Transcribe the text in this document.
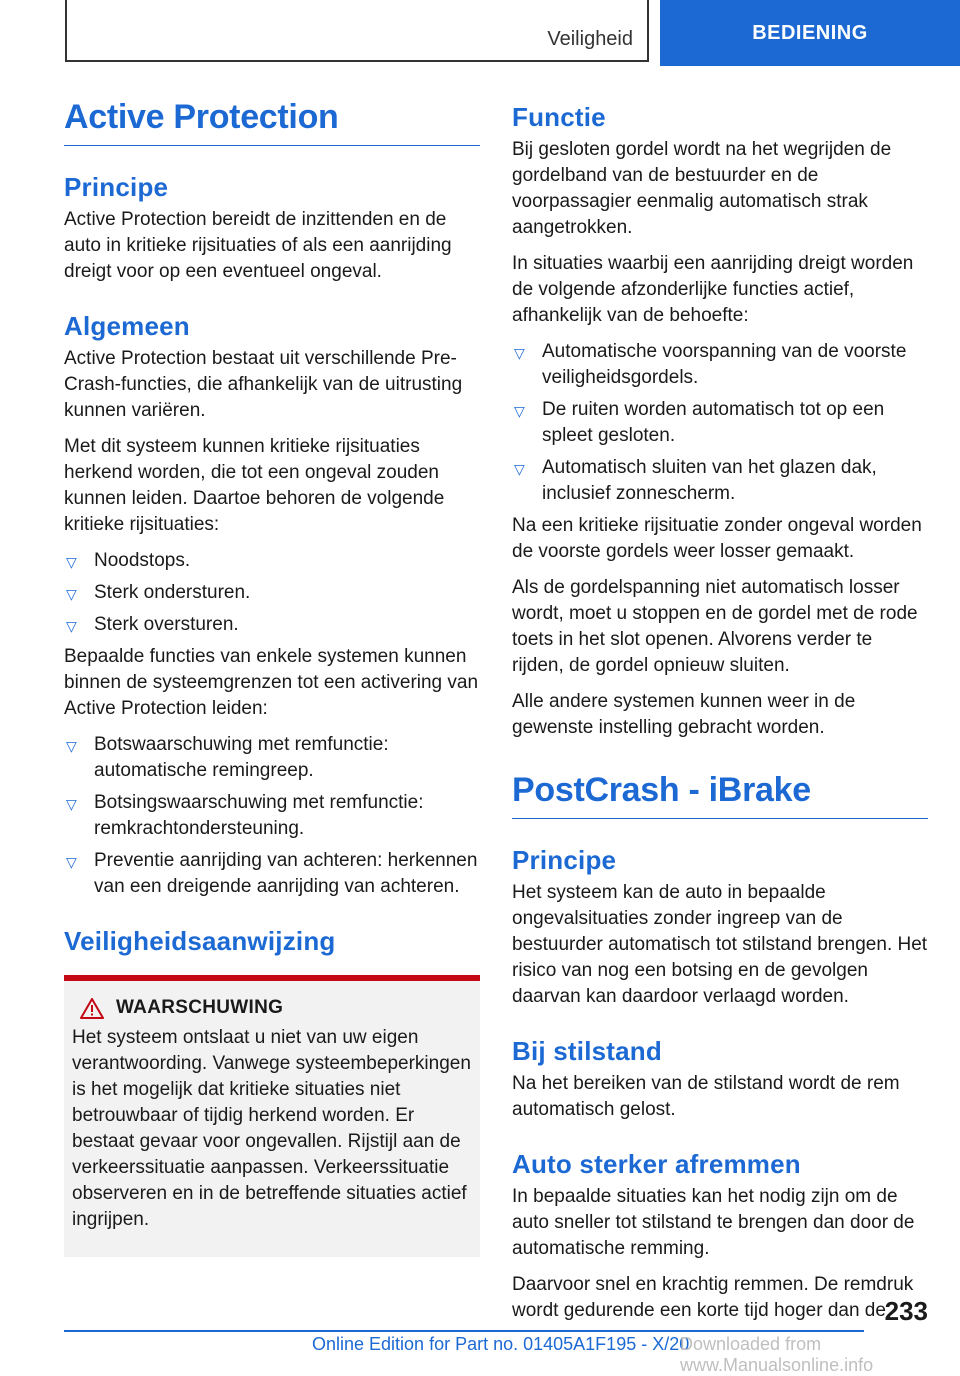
Veiligheid	BEDIENING
Active Protection
Principe

Active Protection bereidt de inzittenden en de auto in kritieke rijsituaties of als een aanrijding dreigt voor op een eventueel ongeval.

Algemeen

Active Protection bestaat uit verschillende Pre-Crash-functies, die afhankelijk van de uitrusting kunnen variëren.

Met dit systeem kunnen kritieke rijsituaties herkend worden, die tot een ongeval zouden kunnen leiden. Daartoe behoren de volgende kritieke rijsituaties:

▽ Noodstops.
▽ Sterk ondersturen.
▽ Sterk oversturen.

Bepaalde functies van enkele systemen kunnen binnen de systeemgrenzen tot een activering van Active Protection leiden:

▽ Botswaarschuwing met remfunctie: automatische remingreep.
▽ Botsingswaarschuwing met remfunctie: remkrachtondersteuning.
▽ Preventie aanrijding van achteren: herkennen van een dreigende aanrijding van achteren.
Veiligheidsaanwijzing
WAARSCHUWING

Het systeem ontslaat u niet van uw eigen verantwoording. Vanwege systeembeperkingen is het mogelijk dat kritieke situaties niet betrouwbaar of tijdig herkend worden. Er bestaat gevaar voor ongevallen. Rijstijl aan de verkeerssituatie aanpassen. Verkeerssituatie observeren en in de betreffende situaties actief ingrijpen.

Functie

Bij gesloten gordel wordt na het wegrijden de gordelband van de bestuurder en de voorpassagier eenmalig automatisch strak aangetrokken.

In situaties waarbij een aanrijding dreigt worden de volgende afzonderlijke functies actief, afhankelijk van de behoefte:

▽ Automatische voorspanning van de voorste veiligheidsgordels.
▽ De ruiten worden automatisch tot op een spleet gesloten.
▽ Automatisch sluiten van het glazen dak, inclusief zonnescherm.

Na een kritieke rijsituatie zonder ongeval worden de voorste gordels weer losser gemaakt.

Als de gordelspanning niet automatisch losser wordt, moet u stoppen en de gordel met de rode toets in het slot openen. Alvorens verder te rijden, de gordel opnieuw sluiten.

Alle andere systemen kunnen weer in de gewenste instelling gebracht worden.

PostCrash - iBrake
Principe

Het systeem kan de auto in bepaalde ongevalsituaties zonder ingreep van de bestuurder automatisch tot stilstand brengen. Het risico van nog een botsing en de gevolgen daarvan kan daardoor verlaagd worden.

Bij stilstand

Na het bereiken van de stilstand wordt de rem automatisch gelost.

Auto sterker afremmen

In bepaalde situaties kan het nodig zijn om de auto sneller tot stilstand te brengen dan door de automatische remming.

Daarvoor snel en krachtig remmen. De remdruk wordt gedurende een korte tijd hoger dan de

233
Online Edition for Part no. 01405A1F195 - X/20
Downloaded from www.Manualsonline.info
